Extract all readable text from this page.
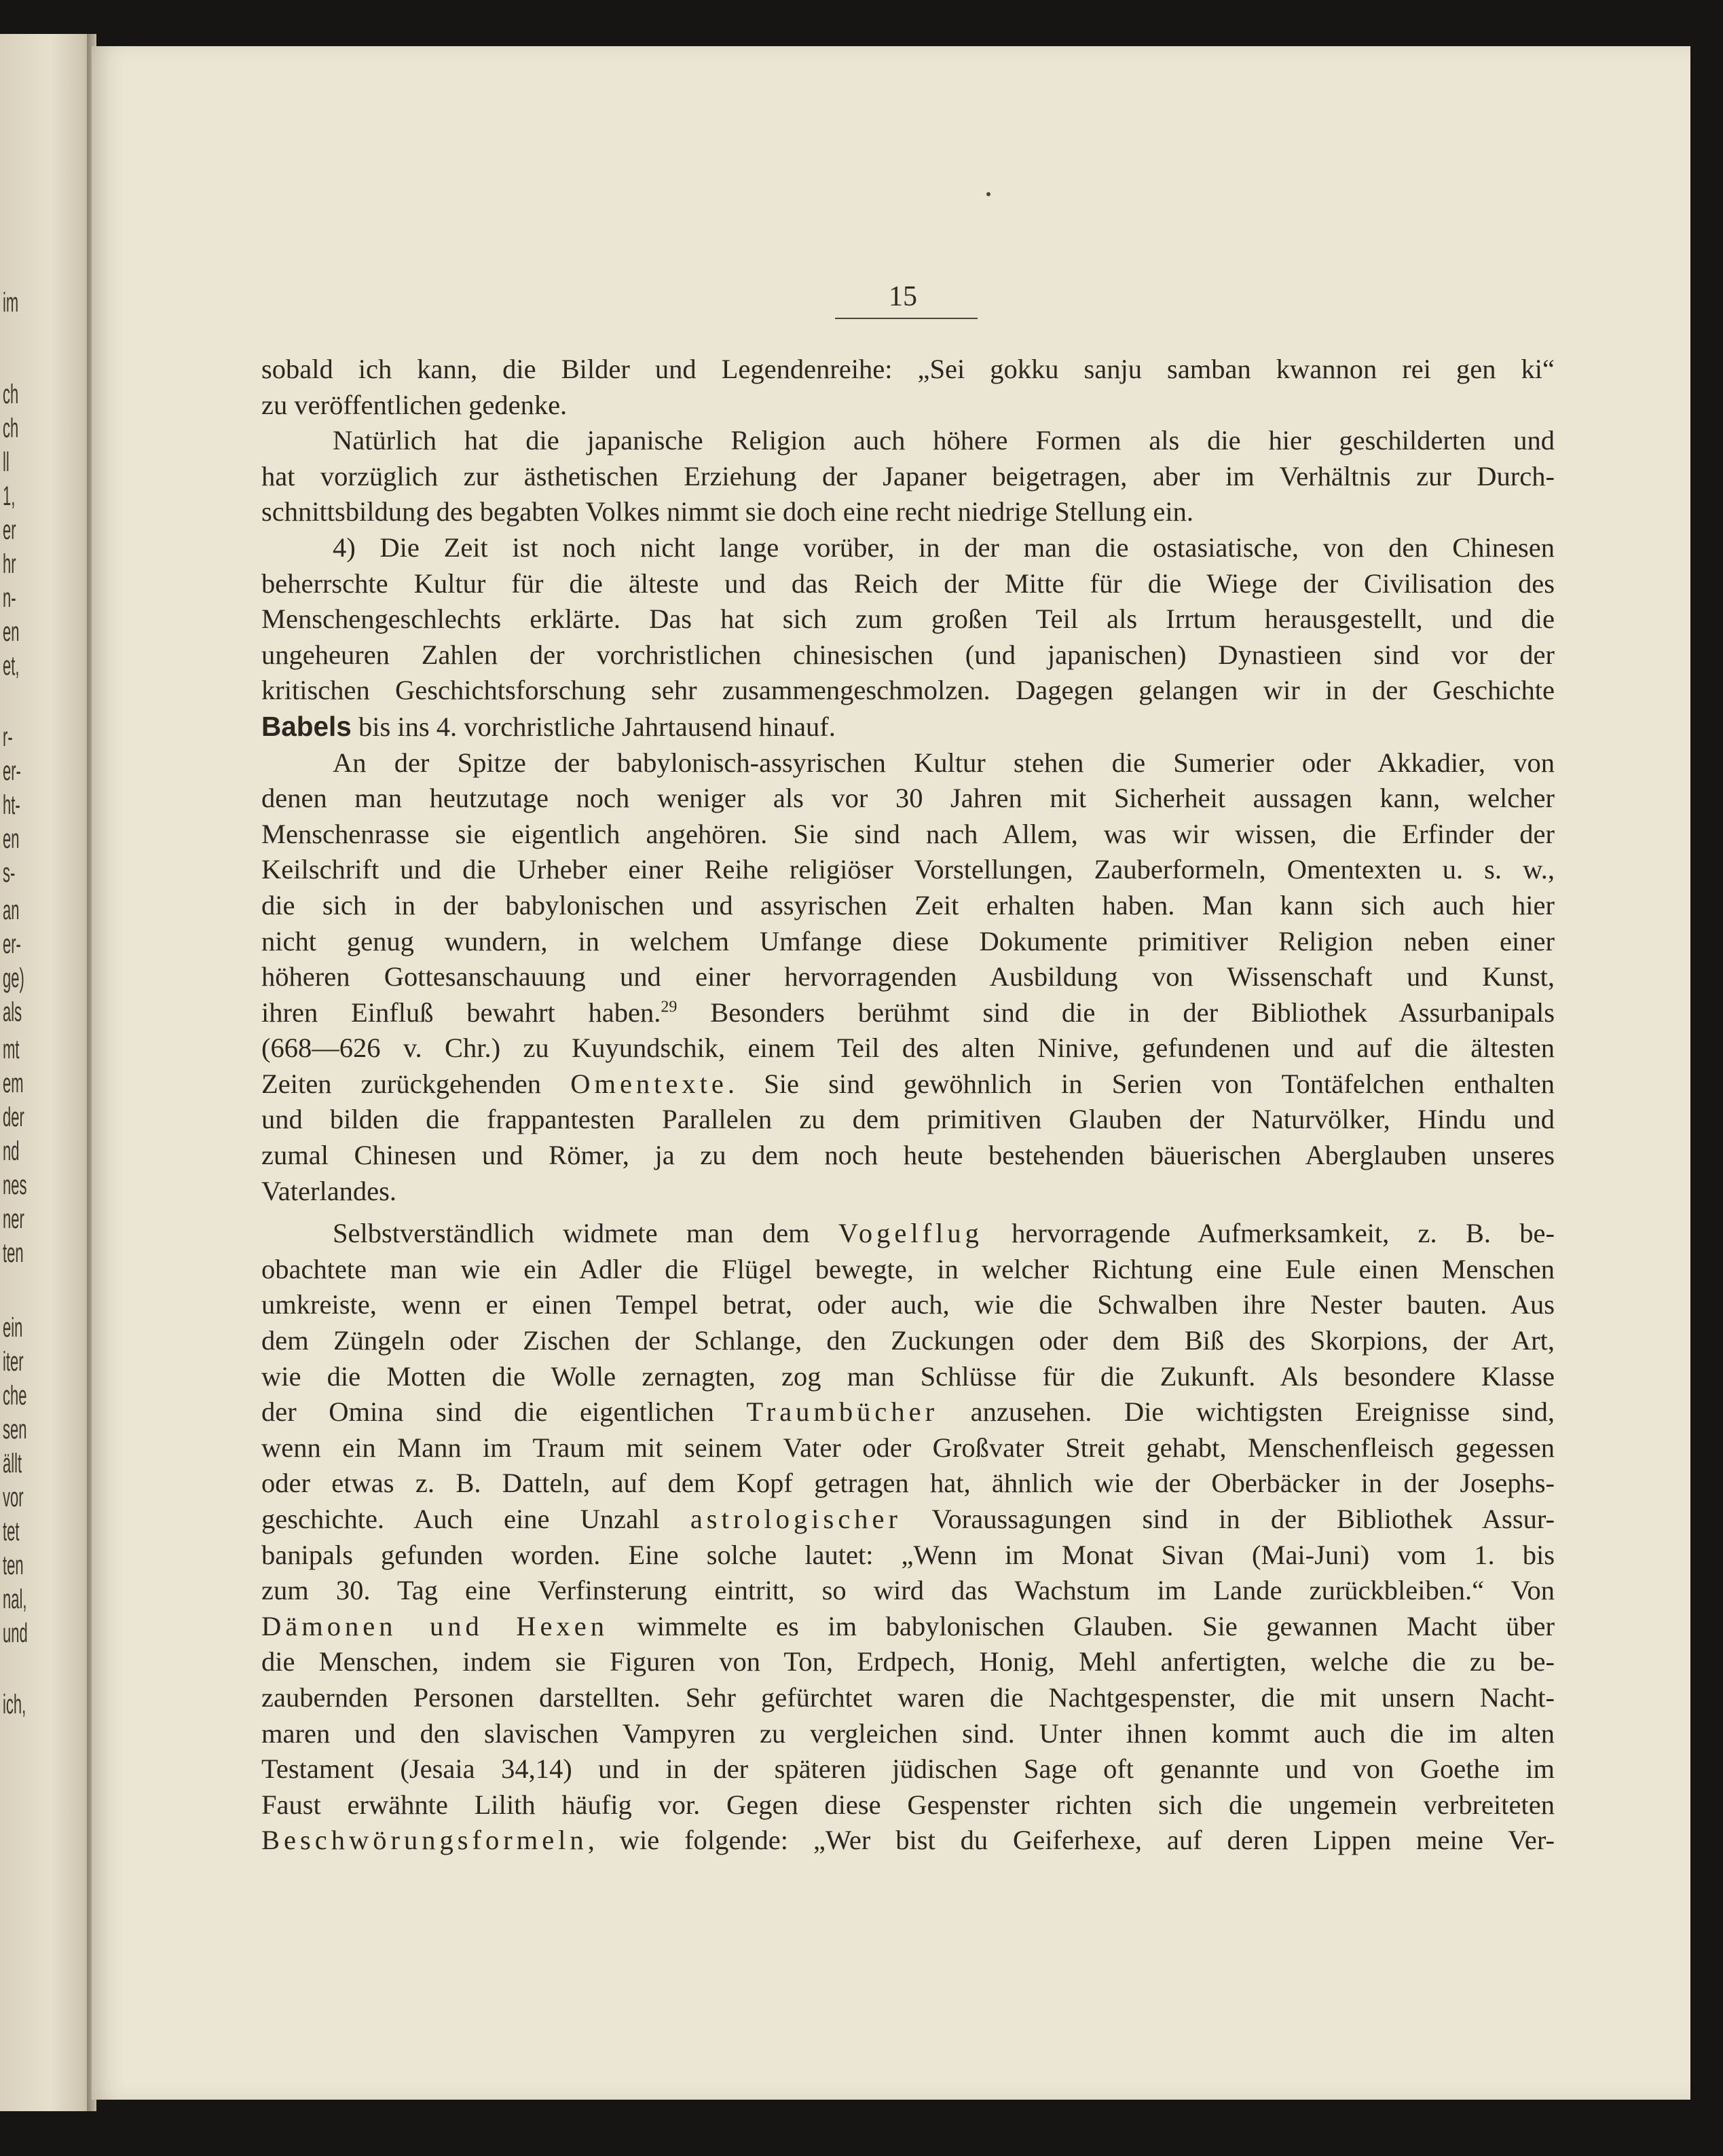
im
ch
ch
ll
1,
er
hr
n-
en
et,
r-
er-
ht-
en
s-
an
er-
ge)
als
mt
em
der
nd
nes
ner
ten
ein
iter
che
sen
ällt
vor
tet
ten
nal,
und
ich,
15

sobald ich kann, die Bilder und Legendenreihe: „Sei gokku sanju samban kwannon rei gen ki“
zu veröffentlichen gedenke.

Natürlich hat die japanische Religion auch höhere Formen als die hier geschilderten und
hat vorzüglich zur ästhetischen Erziehung der Japaner beigetragen, aber im Verhältnis zur Durch-
schnittsbildung des begabten Volkes nimmt sie doch eine recht niedrige Stellung ein.

4) Die Zeit ist noch nicht lange vorüber, in der man die ostasiatische, von den Chinesen
beherrschte Kultur für die älteste und das Reich der Mitte für die Wiege der Civilisation des
Menschengeschlechts erklärte. Das hat sich zum großen Teil als Irrtum herausgestellt, und die
ungeheuren Zahlen der vorchristlichen chinesischen (und japanischen) Dynastieen sind vor der
kritischen Geschichtsforschung sehr zusammengeschmolzen. Dagegen gelangen wir in der Geschichte
Babels bis ins 4. vorchristliche Jahrtausend hinauf.

An der Spitze der babylonisch-assyrischen Kultur stehen die Sumerier oder Akkadier, von
denen man heutzutage noch weniger als vor 30 Jahren mit Sicherheit aussagen kann, welcher
Menschenrasse sie eigentlich angehören. Sie sind nach Allem, was wir wissen, die Erfinder der
Keilschrift und die Urheber einer Reihe religiöser Vorstellungen, Zauberformeln, Omentexten u. s. w.,
die sich in der babylonischen und assyrischen Zeit erhalten haben. Man kann sich auch hier
nicht genug wundern, in welchem Umfange diese Dokumente primitiver Religion neben einer
höheren Gottesanschauung und einer hervorragenden Ausbildung von Wissenschaft und Kunst,
ihren Einfluß bewahrt haben.$^{29}$ Besonders berühmt sind die in der Bibliothek Assurbanipals
(668—626 v. Chr.) zu Kuyundschik, einem Teil des alten Ninive, gefundenen und auf die ältesten
Zeiten zurückgehenden Omentexte. Sie sind gewöhnlich in Serien von Tontäfelchen enthalten
und bilden die frappantesten Parallelen zu dem primitiven Glauben der Naturvölker, Hindu und
zumal Chinesen und Römer, ja zu dem noch heute bestehenden bäuerischen Aberglauben unseres
Vaterlandes.

Selbstverständlich widmete man dem Vogelflug hervorragende Aufmerksamkeit, z. B. be-
obachtete man wie ein Adler die Flügel bewegte, in welcher Richtung eine Eule einen Menschen
umkreiste, wenn er einen Tempel betrat, oder auch, wie die Schwalben ihre Nester bauten. Aus
dem Züngeln oder Zischen der Schlange, den Zuckungen oder dem Biß des Skorpions, der Art,
wie die Motten die Wolle zernagten, zog man Schlüsse für die Zukunft. Als besondere Klasse
der Omina sind die eigentlichen Traumbücher anzusehen. Die wichtigsten Ereignisse sind,
wenn ein Mann im Traum mit seinem Vater oder Großvater Streit gehabt, Menschenfleisch gegessen
oder etwas z. B. Datteln, auf dem Kopf getragen hat, ähnlich wie der Oberbäcker in der Josephs-
geschichte. Auch eine Unzahl astrologischer Voraussagungen sind in der Bibliothek Assur-
banipals gefunden worden. Eine solche lautet: „Wenn im Monat Sivan (Mai-Juni) vom 1. bis
zum 30. Tag eine Verfinsterung eintritt, so wird das Wachstum im Lande zurückbleiben.“ Von
Dämonen und Hexen wimmelte es im babylonischen Glauben. Sie gewannen Macht über
die Menschen, indem sie Figuren von Ton, Erdpech, Honig, Mehl anfertigten, welche die zu be-
zaubernden Personen darstellten. Sehr gefürchtet waren die Nachtgespenster, die mit unsern Nacht-
maren und den slavischen Vampyren zu vergleichen sind. Unter ihnen kommt auch die im alten
Testament (Jesaia 34,14) und in der späteren jüdischen Sage oft genannte und von Goethe im
Faust erwähnte Lilith häufig vor. Gegen diese Gespenster richten sich die ungemein verbreiteten
Beschwörungsformeln, wie folgende: „Wer bist du Geiferhexe, auf deren Lippen meine Ver-
